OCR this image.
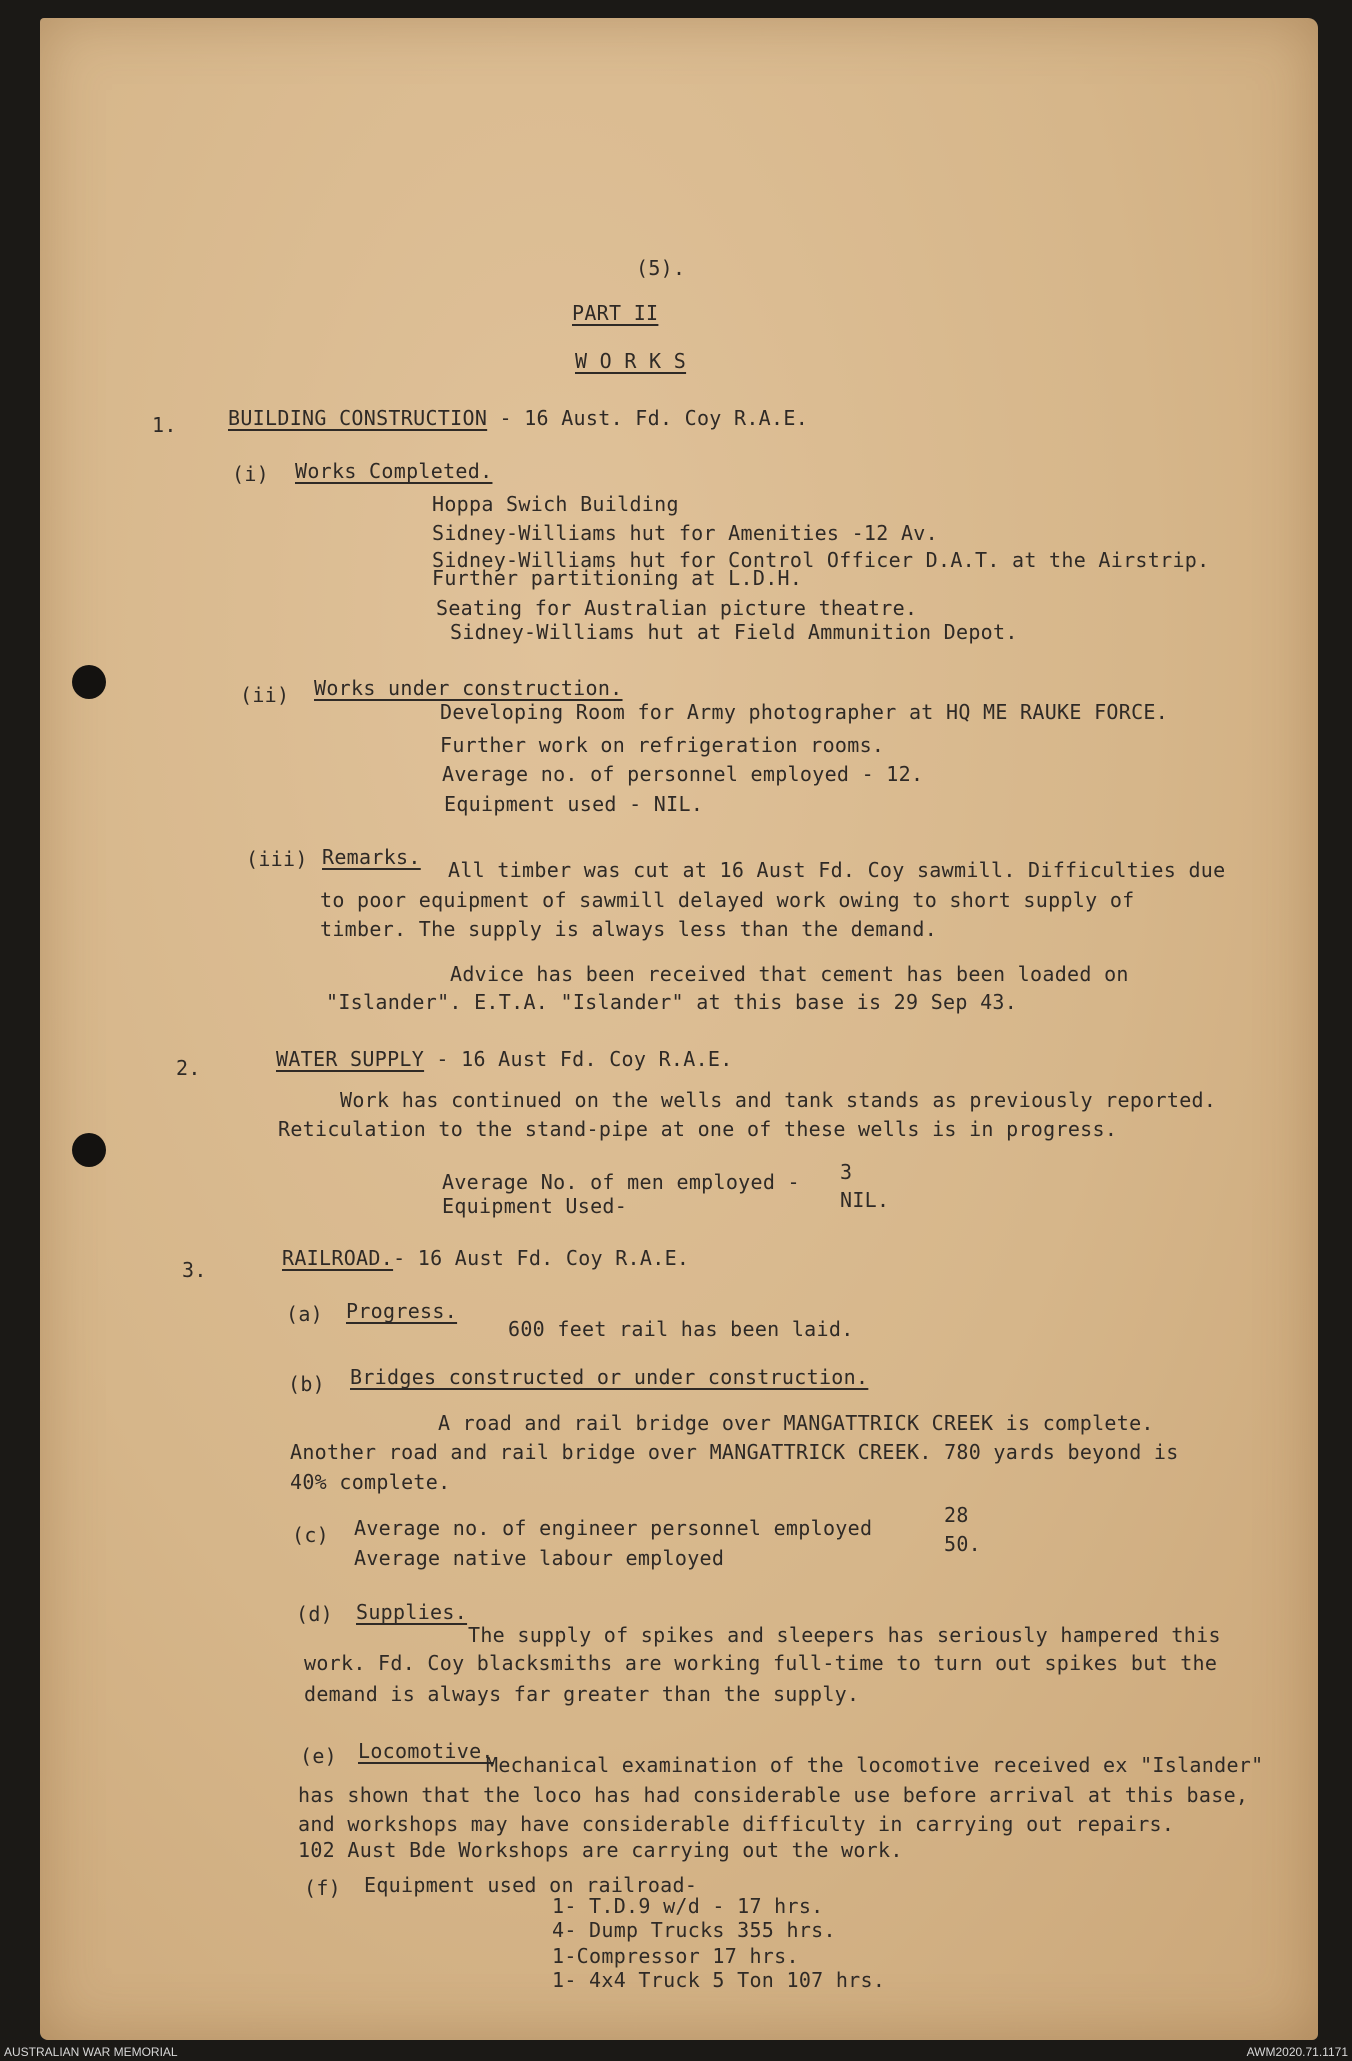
(5).
PART II
W O R K S
1.	BUILDING CONSTRUCTION - 16 Aust. Fd. Coy R.A.E.
(i) Works Completed.
Hoppa Swich Building
Sidney-Williams hut for Amenities -12 Av.
Sidney-Williams hut for Control Officer D.A.T. at the Airstrip.
Further partitioning at L.D.H.
Seating for Australian picture theatre.
Sidney-Williams hut at Field Ammunition Depot.
(ii) Works under construction.
Developing Room for Army photographer at HQ ME RAUKE FORCE.
Further work on refrigeration rooms.
Average no. of personnel employed - 12.
Equipment used - NIL.
(iii) Remarks.
All timber was cut at 16 Aust Fd. Coy sawmill. Difficulties due
to poor equipment of sawmill delayed work owing to short supply of
timber. The supply is always less than the demand.
Advice has been received that cement has been loaded on
"Islander". E.T.A. "Islander" at this base is 29 Sep 43.
2.	WATER SUPPLY - 16 Aust Fd. Coy R.A.E.
Work has continued on the wells and tank stands as previously reported.
Reticulation to the stand-pipe at one of these wells is in progress.
Average No. of men employed - 3
Equipment Used-	NIL.
3.	RAILROAD.- 16 Aust Fd. Coy R.A.E.
(a) Progress.
600 feet rail has been laid.
(b) Bridges constructed or under construction.
A road and rail bridge over MANGATTRICK CREEK is complete.
Another road and rail bridge over MANGATTRICK CREEK. 780 yards beyond is
40% complete.
(c) Average no. of engineer personnel employed
28
Average native labour employed
50.
(d) Supplies.
The supply of spikes and sleepers has seriously hampered this
work. Fd. Coy blacksmiths are working full-time to turn out spikes but the
demand is always far greater than the supply.
(e) Locomotive.
Mechanical examination of the locomotive received ex "Islander"
has shown that the loco has had considerable use before arrival at this base,
and workshops may have considerable difficulty in carrying out repairs.
102 Aust Bde Workshops are carrying out the work.
(f) Equipment used on railroad-
1- T.D.9 w/d - 17 hrs.
4- Dump Trucks 355 hrs.
1-Compressor 17 hrs.
1- 4x4 Truck 5 Ton 107 hrs.
AUSTRALIAN WAR MEMORIAL	AWM2020.71.1171
